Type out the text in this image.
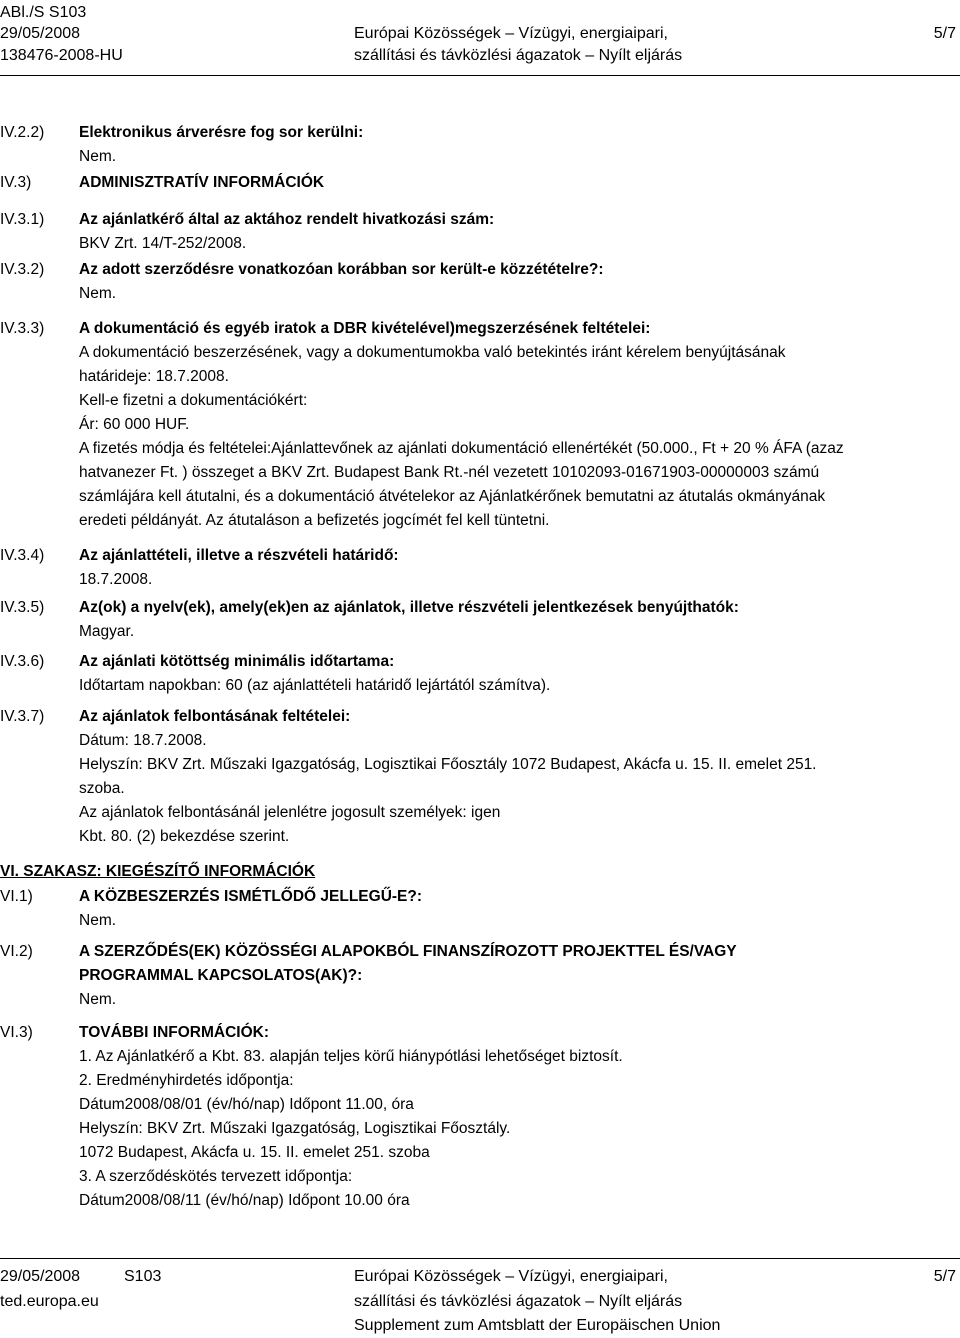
ABl./S S103
29/05/2008
138476-2008-HU
Európai Közösségek – Vízügyi, energiaipari,
szállítási és távközlési ágazatok – Nyílt eljárás
5/7
IV.2.2)	Elektronikus árverésre fog sor kerülni:
Nem.
IV.3)	ADMINISZTRATÍV INFORMÁCIÓK
IV.3.1)	Az ajánlatkérő által az aktához rendelt hivatkozási szám:
BKV Zrt. 14/T-252/2008.
IV.3.2)	Az adott szerződésre vonatkozóan korábban sor került-e közzétételre?:
Nem.
IV.3.3)	A dokumentáció és egyéb iratok a DBR kivételével)megszerzésének feltételei:
A dokumentáció beszerzésének, vagy a dokumentumokba való betekintés iránt kérelem benyújtásának
határideje: 18.7.2008.
Kell-e fizetni a dokumentációkért:
Ár: 60 000 HUF.
A fizetés módja és feltételei:Ajánlattevőnek az ajánlati dokumentáció ellenértékét (50.000., Ft + 20 % ÁFA (azaz
hatvanezer Ft. ) összeget a BKV Zrt. Budapest Bank Rt.-nél vezetett 10102093-01671903-00000003 számú
számlájára kell átutalni, és a dokumentáció átvételekor az Ajánlatkérőnek bemutatni az átutalás okmányának
eredeti példányát. Az átutaláson a befizetés jogcímét fel kell tüntetni.
IV.3.4)	Az ajánlattételi, illetve a részvételi határidő:
18.7.2008.
IV.3.5)	Az(ok) a nyelv(ek), amely(ek)en az ajánlatok, illetve részvételi jelentkezések benyújthatók:
Magyar.
IV.3.6)	Az ajánlati kötöttség minimális időtartama:
Időtartam napokban: 60 (az ajánlattételi határidő lejártától számítva).
IV.3.7)	Az ajánlatok felbontásának feltételei:
Dátum: 18.7.2008.
Helyszín: BKV Zrt. Műszaki Igazgatóság, Logisztikai Főosztály 1072 Budapest, Akácfa u. 15. II. emelet 251.
szoba.
Az ajánlatok felbontásánál jelenlétre jogosult személyek: igen
Kbt. 80. (2) bekezdése szerint.
VI. SZAKASZ: KIEGÉSZÍTŐ INFORMÁCIÓK
VI.1)	A KÖZBESZERZÉS ISMÉTLŐDŐ JELLEGŰ-E?:
Nem.
VI.2)	A SZERZŐDÉS(EK) KÖZÖSSÉGI ALAPOKBÓL FINANSZÍROZOTT PROJEKTTEL ÉS/VAGY
PROGRAMMAL KAPCSOLATOS(AK)?:
Nem.
VI.3)	TOVÁBBI INFORMÁCIÓK:
1. Az Ajánlatkérő a Kbt. 83. alapján teljes körű hiánypótlási lehetőséget biztosít.
2. Eredményhirdetés időpontja:
Dátum2008/08/01 (év/hó/nap) Időpont 11.00, óra
Helyszín: BKV Zrt. Műszaki Igazgatóság, Logisztikai Főosztály.
1072 Budapest, Akácfa u. 15. II. emelet 251. szoba
3. A szerződéskötés tervezett időpontja:
Dátum2008/08/11 (év/hó/nap) Időpont 10.00 óra
29/05/2008	S103
ted.europa.eu
Európai Közösségek – Vízügyi, energiaipari,
szállítási és távközlési ágazatok – Nyílt eljárás
Supplement zum Amtsblatt der Europäischen Union
5/7
